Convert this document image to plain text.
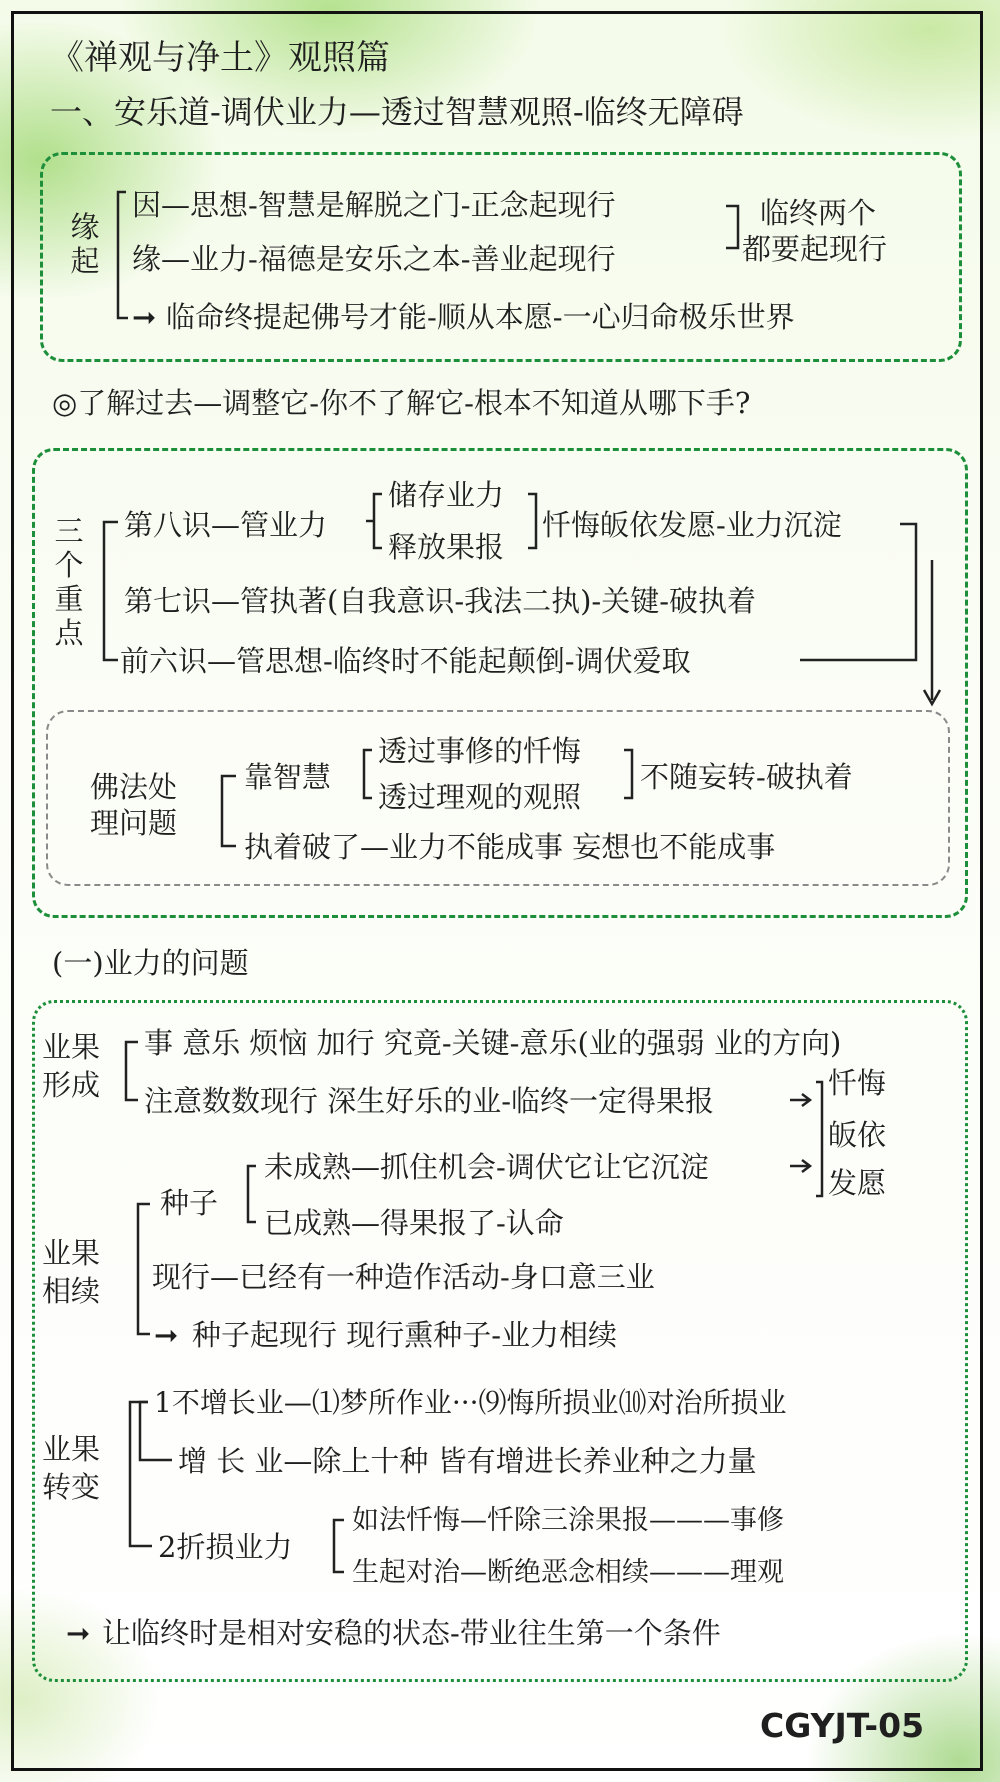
《禅观与净土》观照篇
一、安乐道-调伏业力—透过智慧观照-临终无障碍
缘起
因—思想-智慧是解脱之门-正念起现行
缘—业力-福德是安乐之本-善业起现行
临终两个
都要起现行
➞ 临命终提起佛号才能-顺从本愿-一心归命极乐世界
◎了解过去—调整它-你不了解它-根本不知道从哪下手?
三个重点
第八识—管业力
储存业力
释放果报
忏悔皈依发愿-业力沉淀
第七识—管执著(自我意识-我法二执)-关键-破执着
前六识—管思想-临终时不能起颠倒-调伏爱取
佛法处
理问题
靠智慧
透过事修的忏悔
透过理观的观照
不随妄转-破执着
执着破了—业力不能成事 妄想也不能成事
(一)业力的问题
业果
形成
事 意乐 烦恼 加行 究竟-关键-意乐(业的强弱 业的方向)
注意数数现行 深生好乐的业-临终一定得果报
忏悔
皈依
发愿
业果
相续
种子
未成熟—抓住机会-调伏它让它沉淀
已成熟—得果报了-认命
现行—已经有一种造作活动-身口意三业
种子起现行 现行熏种子-业力相续
业果
转变
1不增长业—⑴梦所作业···⑼悔所损业⑽对治所损业
增 长 业—除上十种 皆有增进长养业种之力量
2折损业力
如法忏悔—忏除三涂果报———事修
生起对治—断绝恶念相续———理观
➞ 让临终时是相对安稳的状态-带业往生第一个条件
➞
CGYJT-05
